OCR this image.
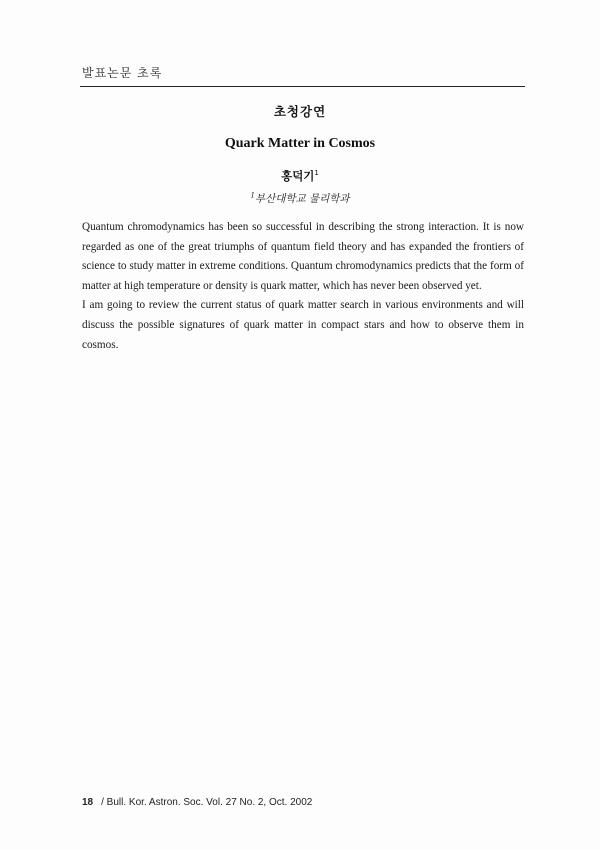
발표논문 초록
초청강연
Quark Matter in Cosmos
홍덕기$^1$
$^1$부산대학교 물리학과

Quantum chromodynamics has been so successful in describing the strong interaction. It is now regarded as one of the great triumphs of quantum field theory and has expanded the frontiers of science to study matter in extreme conditions. Quantum chromodynamics predicts that the form of matter at high temperature or density is quark matter, which has never been observed yet.

I am going to review the current status of quark matter search in various environments and will discuss the possible signatures of quark matter in compact stars and how to observe them in cosmos.

18 / Bull. Kor. Astron. Soc. Vol. 27 No. 2, Oct. 2002
